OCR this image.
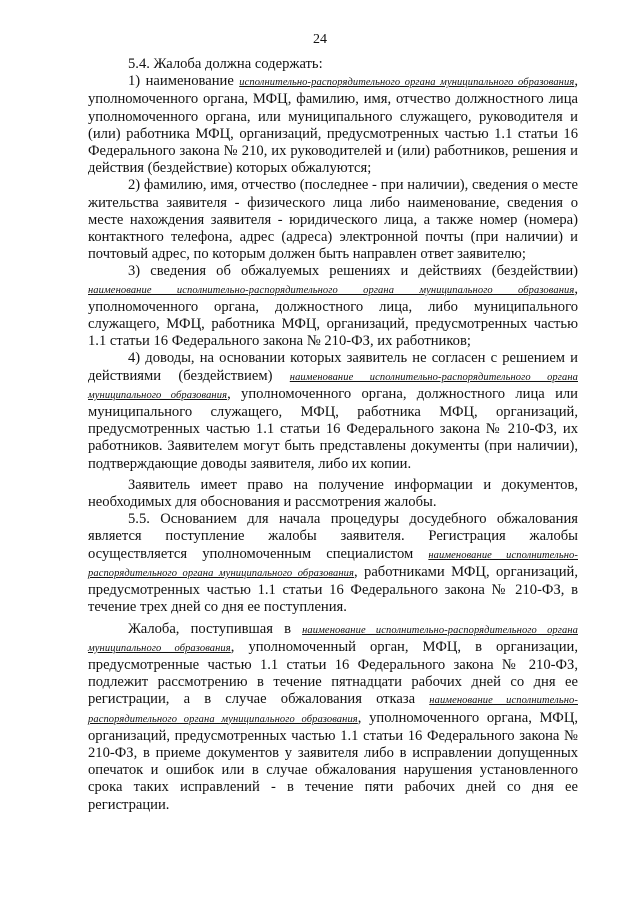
24

5.4. Жалоба должна содержать:

1) наименование исполнительно-распорядительного органа муниципального образования, уполномоченного органа, МФЦ, фамилию, имя, отчество должностного лица уполномоченного органа, или муниципального служащего, руководителя и (или) работника МФЦ, организаций, предусмотренных частью 1.1 статьи 16 Федерального закона № 210, их руководителей и (или) работников, решения и действия (бездействие) которых обжалуются;

2) фамилию, имя, отчество (последнее - при наличии), сведения о месте жительства заявителя - физического лица либо наименование, сведения о месте нахождения заявителя - юридического лица, а также номер (номера) контактного телефона, адрес (адреса) электронной почты (при наличии) и почтовый адрес, по которым должен быть направлен ответ заявителю;

3) сведения об обжалуемых решениях и действиях (бездействии) наименование исполнительно-распорядительного органа муниципального образования, уполномоченного органа, должностного лица, либо муниципального служащего, МФЦ, работника МФЦ, организаций, предусмотренных частью 1.1 статьи 16 Федерального закона № 210-ФЗ, их работников;

4) доводы, на основании которых заявитель не согласен с решением и действиями (бездействием) наименование исполнительно-распорядительного органа муниципального образования, уполномоченного органа, должностного лица или муниципального служащего, МФЦ, работника МФЦ, организаций, предусмотренных частью 1.1 статьи 16 Федерального закона № 210-ФЗ, их работников. Заявителем могут быть представлены документы (при наличии), подтверждающие доводы заявителя, либо их копии.

Заявитель имеет право на получение информации и документов, необходимых для обоснования и рассмотрения жалобы.

5.5. Основанием для начала процедуры досудебного обжалования является поступление жалобы заявителя. Регистрация жалобы осуществляется уполномоченным специалистом наименование исполнительно-распорядительного органа муниципального образования, работниками МФЦ, организаций, предусмотренных частью 1.1 статьи 16 Федерального закона № 210-ФЗ, в течение трех дней со дня ее поступления.

Жалоба, поступившая в наименование исполнительно-распорядительного органа муниципального образования, уполномоченный орган, МФЦ, в организации, предусмотренные частью 1.1 статьи 16 Федерального закона № 210-ФЗ, подлежит рассмотрению в течение пятнадцати рабочих дней со дня ее регистрации, а в случае обжалования отказа наименование исполнительно-распорядительного органа муниципального образования, уполномоченного органа, МФЦ, организаций, предусмотренных частью 1.1 статьи 16 Федерального закона № 210-ФЗ, в приеме документов у заявителя либо в исправлении допущенных опечаток и ошибок или в случае обжалования нарушения установленного срока таких исправлений - в течение пяти рабочих дней со дня ее регистрации.
